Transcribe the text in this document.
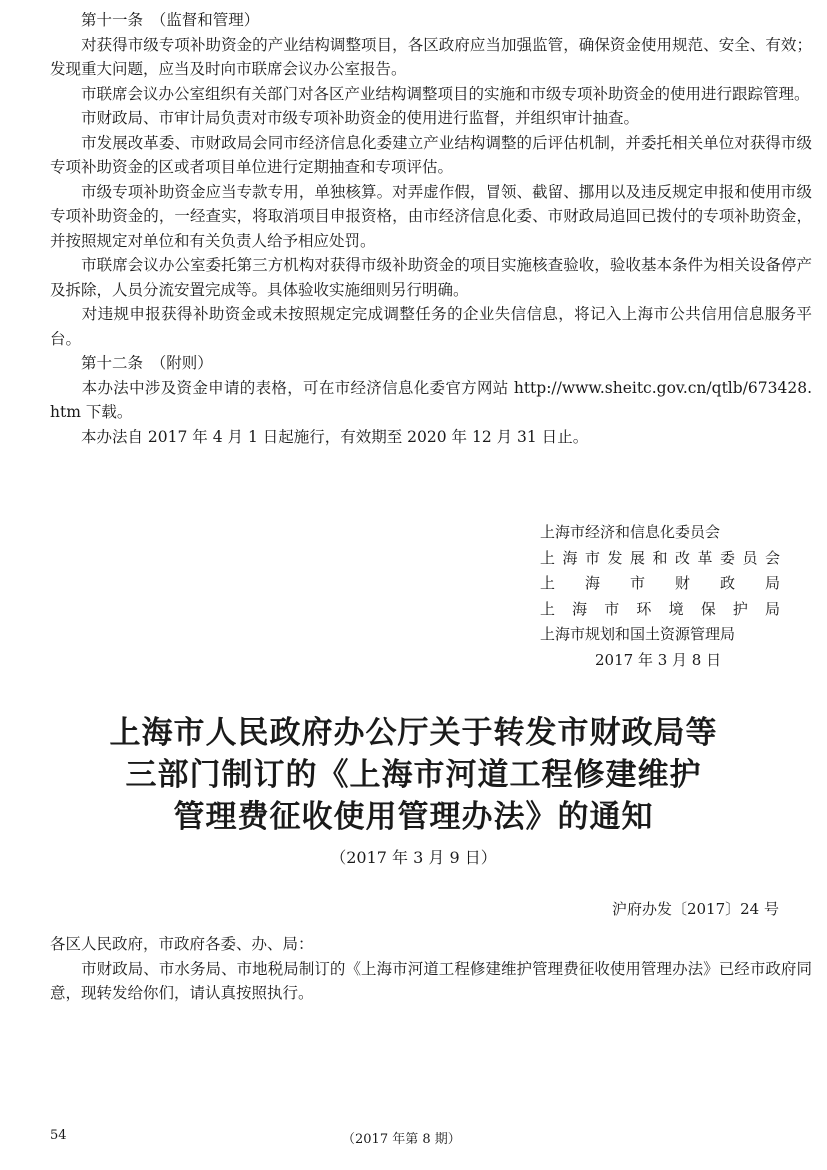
　　第十一条　（监督和管理）

　　对获得市级专项补助资金的产业结构调整项目，各区政府应当加强监管，确保资金使用规范、安全、有效；发现重大问题，应当及时向市联席会议办公室报告。

　　市联席会议办公室组织有关部门对各区产业结构调整项目的实施和市级专项补助资金的使用进行跟踪管理。

　　市财政局、市审计局负责对市级专项补助资金的使用进行监督，并组织审计抽查。

　　市发展改革委、市财政局会同市经济信息化委建立产业结构调整的后评估机制，并委托相关单位对获得市级专项补助资金的区或者项目单位进行定期抽查和专项评估。

　　市级专项补助资金应当专款专用，单独核算。对弄虚作假，冒领、截留、挪用以及违反规定申报和使用市级专项补助资金的，一经查实，将取消项目申报资格，由市经济信息化委、市财政局追回已拨付的专项补助资金，并按照规定对单位和有关负责人给予相应处罚。

　　市联席会议办公室委托第三方机构对获得市级补助资金的项目实施核查验收，验收基本条件为相关设备停产及拆除，人员分流安置完成等。具体验收实施细则另行明确。

　　对违规申报获得补助资金或未按照规定完成调整任务的企业失信信息，将记入上海市公共信用信息服务平台。

　　第十二条　（附则）

　　本办法中涉及资金申请的表格，可在市经济信息化委官方网站 http://www.sheitc.gov.cn/qtlb/673428.htm 下载。

　　本办法自 2017 年 4 月 1 日起施行，有效期至 2020 年 12 月 31 日止。

上海市经济和信息化委员会

上海市发展和改革委员会

上海市财政局

上海市环境保护局

上海市规划和国土资源管理局

2017 年 3 月 8 日

上海市人民政府办公厅关于转发市财政局等

三部门制订的《上海市河道工程修建维护

管理费征收使用管理办法》的通知

（2017 年 3 月 9 日）

沪府办发〔2017〕24 号

各区人民政府，市政府各委、办、局：

　　市财政局、市水务局、市地税局制订的《上海市河道工程修建维护管理费征收使用管理办法》已经市政府同意，现转发给你们，请认真按照执行。

54	（2017 年第 8 期）
